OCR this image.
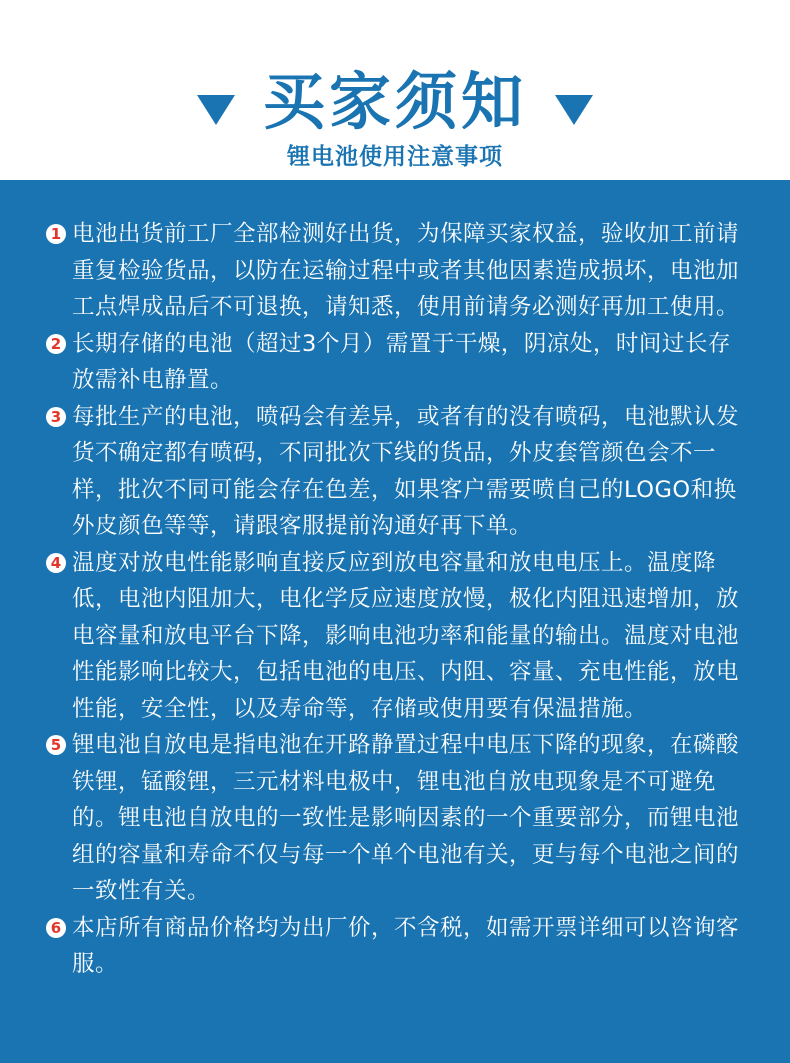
买家须知
锂电池使用注意事项
1 电池出货前工厂全部检测好出货，为保障买家权益，验收加工前请重复检验货品，以防在运输过程中或者其他因素造成损坏，电池加工点焊成品后不可退换，请知悉，使用前请务必测好再加工使用。
2 长期存储的电池（超过3个月）需置于干燥，阴凉处，时间过长存放需补电静置。
3 每批生产的电池，喷码会有差异，或者有的没有喷码，电池默认发货不确定都有喷码，不同批次下线的货品，外皮套管颜色会不一样，批次不同可能会存在色差，如果客户需要喷自己的LOGO和换外皮颜色等等，请跟客服提前沟通好再下单。
4 温度对放电性能影响直接反应到放电容量和放电电压上。温度降低，电池内阻加大，电化学反应速度放慢，极化内阻迅速增加，放电容量和放电平台下降，影响电池功率和能量的输出。温度对电池性能影响比较大，包括电池的电压、内阻、容量、充电性能，放电性能，安全性，以及寿命等，存储或使用要有保温措施。
5 锂电池自放电是指电池在开路静置过程中电压下降的现象，在磷酸铁锂，锰酸锂，三元材料电极中，锂电池自放电现象是不可避免的。锂电池自放电的一致性是影响因素的一个重要部分，而锂电池组的容量和寿命不仅与每一个单个电池有关，更与每个电池之间的一致性有关。
6 本店所有商品价格均为出厂价，不含税，如需开票详细可以咨询客服。
